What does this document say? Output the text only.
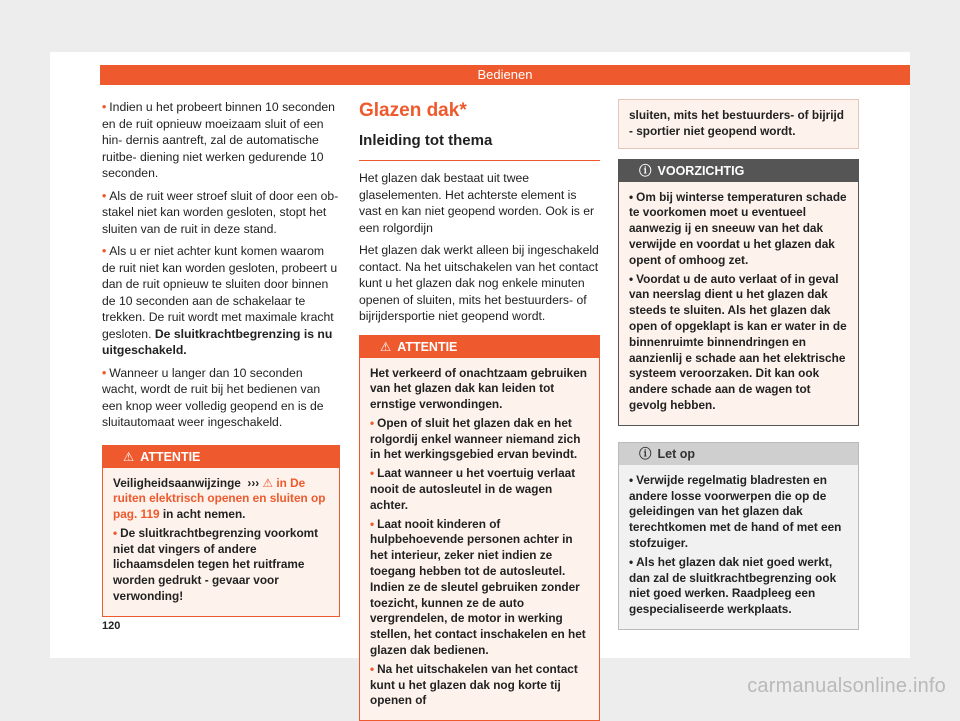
Bedienen

• Indien u het probeert binnen 10 seconden en de ruit opnieuw moeizaam sluit of een hin- dernis aantreft, zal de automatische ruitbe- diening niet werken gedurende 10 seconden.

• Als de ruit weer stroef sluit of door een ob- stakel niet kan worden gesloten, stopt het sluiten van de ruit in deze stand.

• Als u er niet achter kunt komen waarom de ruit niet kan worden gesloten, probeert u dan de ruit opnieuw te sluiten door binnen de 10 seconden aan de schakelaar te trekken. De ruit wordt met maximale kracht gesloten. De sluitkrachtbegrenzing is nu uitgeschakeld.

• Wanneer u langer dan 10 seconden wacht, wordt de ruit bij het bedienen van een knop weer volledig geopend en is de sluitautomaat weer ingeschakeld.

⚠ ATTENTIE

Veiligheidsaanwijzinge ››› ⚠ in De ruiten elektrisch openen en sluiten op pag. 119 in acht nemen.

• De sluitkrachtbegrenzing voorkomt niet dat vingers of andere lichaamsdelen tegen het ruitframe worden gedrukt - gevaar voor verwonding!

Glazen dak*
Inleiding tot thema

Het glazen dak bestaat uit twee glaselementen. Het achterste element is vast en kan niet geopend worden. Ook is er een rolgordijn

Het glazen dak werkt alleen bij ingeschakeld contact. Na het uitschakelen van het contact kunt u het glazen dak nog enkele minuten openen of sluiten, mits het bestuurders- of bijrijdersportie niet geopend wordt.

⚠ ATTENTIE

Het verkeerd of onachtzaam gebruiken van het glazen dak kan leiden tot ernstige verwondingen.

• Open of sluit het glazen dak en het rolgordij enkel wanneer niemand zich in het werkingsgebied ervan bevindt.

• Laat wanneer u het voertuig verlaat nooit de autosleutel in de wagen achter.

• Laat nooit kinderen of hulpbehoevende personen achter in het interieur, zeker niet indien ze toegang hebben tot de autosleutel. Indien ze de sleutel gebruiken zonder toezicht, kunnen ze de auto vergrendelen, de motor in werking stellen, het contact inschakelen en het glazen dak bedienen.

• Na het uitschakelen van het contact kunt u het glazen dak nog korte tij openen of

sluiten, mits het bestuurders- of bijrijd - sportier niet geopend wordt.
ⓘ VOORZICHTIG

• Om bij winterse temperaturen schade te voorkomen moet u eventueel aanwezig ij en sneeuw van het dak verwijde en voordat u het glazen dak opent of omhoog zet.

• Voordat u de auto verlaat of in geval van neerslag dient u het glazen dak steeds te sluiten. Als het glazen dak open of opgeklapt is kan er water in de binnenruimte binnendringen en aanzienlij e schade aan het elektrische systeem veroorzaken. Dit kan ook andere schade aan de wagen tot gevolg hebben.

ⓘ Let op

• Verwijde regelmatig bladresten en andere losse voorwerpen die op de geleidingen van het glazen dak terechtkomen met de hand of met een stofzuiger.

• Als het glazen dak niet goed werkt, dan zal de sluitkrachtbegrenzing ook niet goed werken. Raadpleeg een gespecialiseerde werkplaats.

120
carmanualsonline.info
